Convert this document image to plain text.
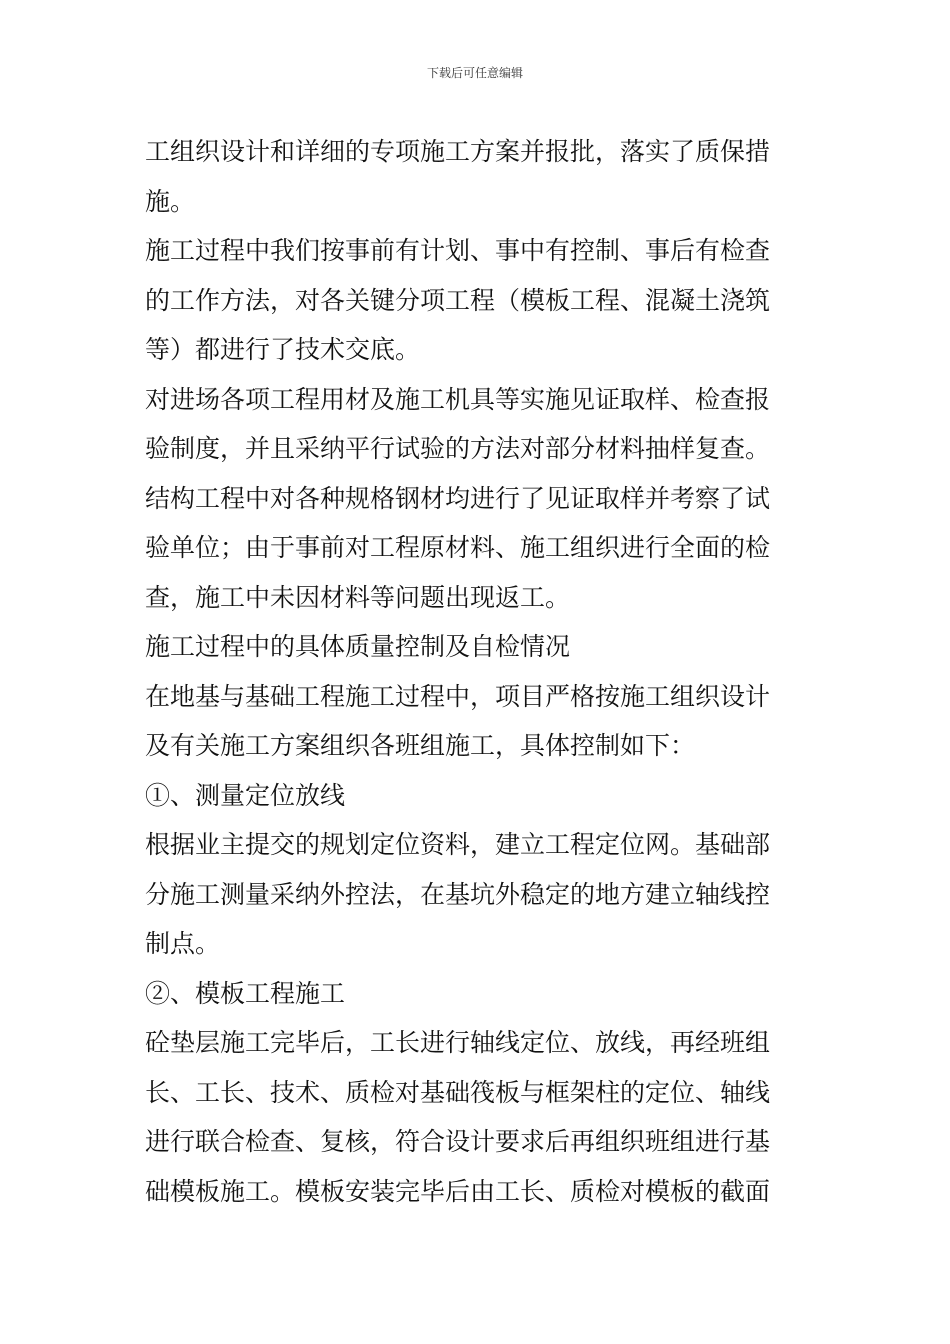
下载后可任意编辑
工组织设计和详细的专项施工方案并报批，落实了质保措
施。
施工过程中我们按事前有计划、事中有控制、事后有检查
的工作方法，对各关键分项工程（模板工程、混凝土浇筑
等）都进行了技术交底。
对进场各项工程用材及施工机具等实施见证取样、检查报
验制度，并且采纳平行试验的方法对部分材料抽样复查。
结构工程中对各种规格钢材均进行了见证取样并考察了试
验单位；由于事前对工程原材料、施工组织进行全面的检
查，施工中未因材料等问题出现返工。
施工过程中的具体质量控制及自检情况
在地基与基础工程施工过程中，项目严格按施工组织设计
及有关施工方案组织各班组施工，具体控制如下：
①、测量定位放线
根据业主提交的规划定位资料，建立工程定位网。基础部
分施工测量采纳外控法，在基坑外稳定的地方建立轴线控
制点。
②、模板工程施工
砼垫层施工完毕后，工长进行轴线定位、放线，再经班组
长、工长、技术、质检对基础筏板与框架柱的定位、轴线
进行联合检查、复核，符合设计要求后再组织班组进行基
础模板施工。模板安装完毕后由工长、质检对模板的截面
